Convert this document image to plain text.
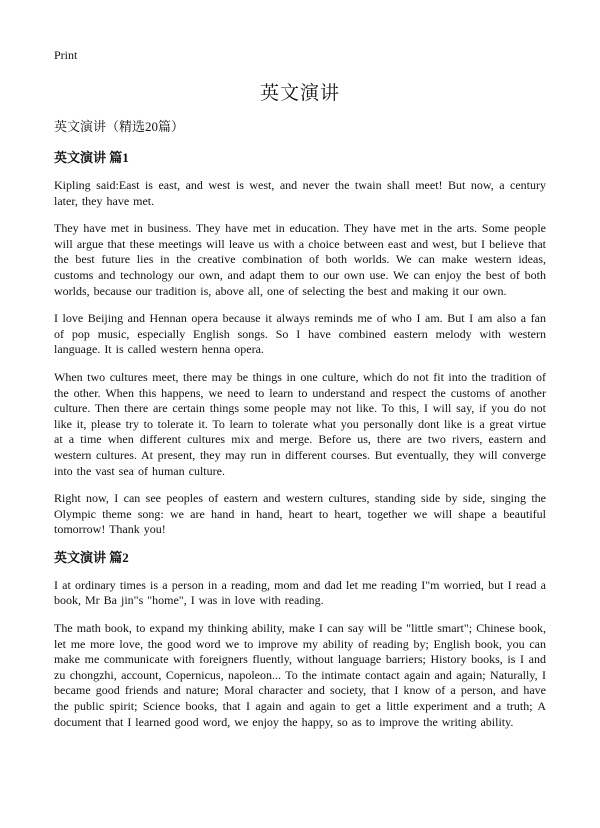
Print
英文演讲
英文演讲（精选20篇）
英文演讲 篇1

Kipling said:East is east, and west is west, and never the twain shall meet! But now, a century later, they have met.

They have met in business. They have met in education. They have met in the arts. Some people will argue that these meetings will leave us with a choice between east and west, but I believe that the best future lies in the creative combination of both worlds. We can make western ideas, customs and technology our own, and adapt them to our own use. We can enjoy the best of both worlds, because our tradition is, above all, one of selecting the best and making it our own.

I love Beijing and Hennan opera because it always reminds me of who I am. But I am also a fan of pop music, especially English songs. So I have combined eastern melody with western language. It is called western henna opera.

When two cultures meet, there may be things in one culture, which do not fit into the tradition of the other. When this happens, we need to learn to understand and respect the customs of another culture. Then there are certain things some people may not like. To this, I will say, if you do not like it, please try to tolerate it. To learn to tolerate what you personally dont like is a great virtue at a time when different cultures mix and merge. Before us, there are two rivers, eastern and western cultures. At present, they may run in different courses. But eventually, they will converge into the vast sea of human culture.

Right now, I can see peoples of eastern and western cultures, standing side by side, singing the Olympic theme song: we are hand in hand, heart to heart, together we will shape a beautiful tomorrow! Thank you!

英文演讲 篇2

I at ordinary times is a person in a reading, mom and dad let me reading I"m worried, but I read a book, Mr Ba jin"s "home", I was in love with reading.

The math book, to expand my thinking ability, make I can say will be "little smart"; Chinese book, let me more love, the good word we to improve my ability of reading by; English book, you can make me communicate with foreigners fluently, without language barriers; History books, is I and zu chongzhi, account, Copernicus, napoleon... To the intimate contact again and again; Naturally, I became good friends and nature; Moral character and society, that I know of a person, and have the public spirit; Science books, that I again and again to get a little experiment and a truth; A document that I learned good word, we enjoy the happy, so as to improve the writing ability.
